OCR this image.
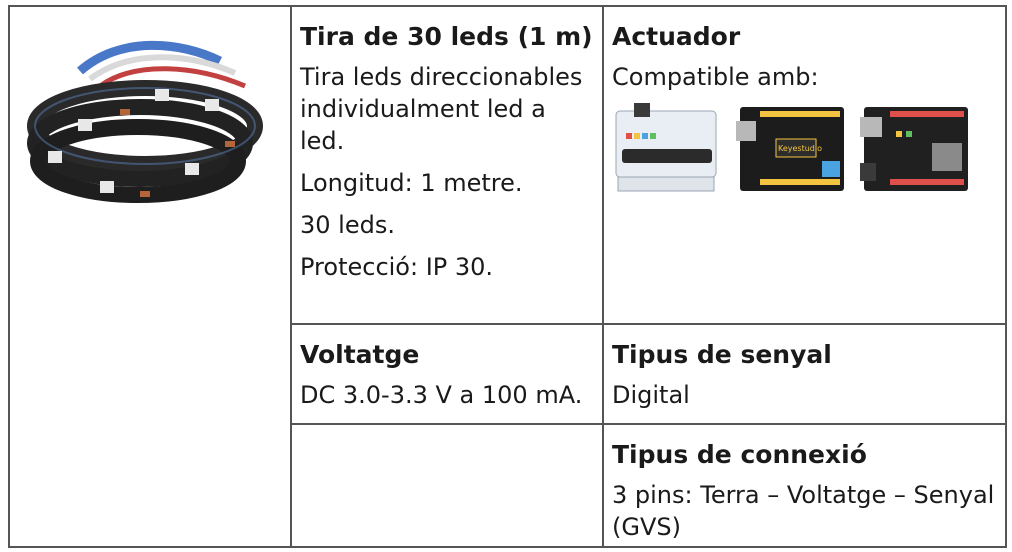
Tira de 30 leds (1 m)
Tira leds direccionables individualment led a led.
Longitud: 1 metre.
30 leds.
Protecció: IP 30.
Actuador
Compatible amb:
Keyestudio
Voltatge
DC 3.0-3.3 V a 100 mA.
Tipus de senyal
Digital
Tipus de connexió
3 pins: Terra – Voltatge – Senyal (GVS)
